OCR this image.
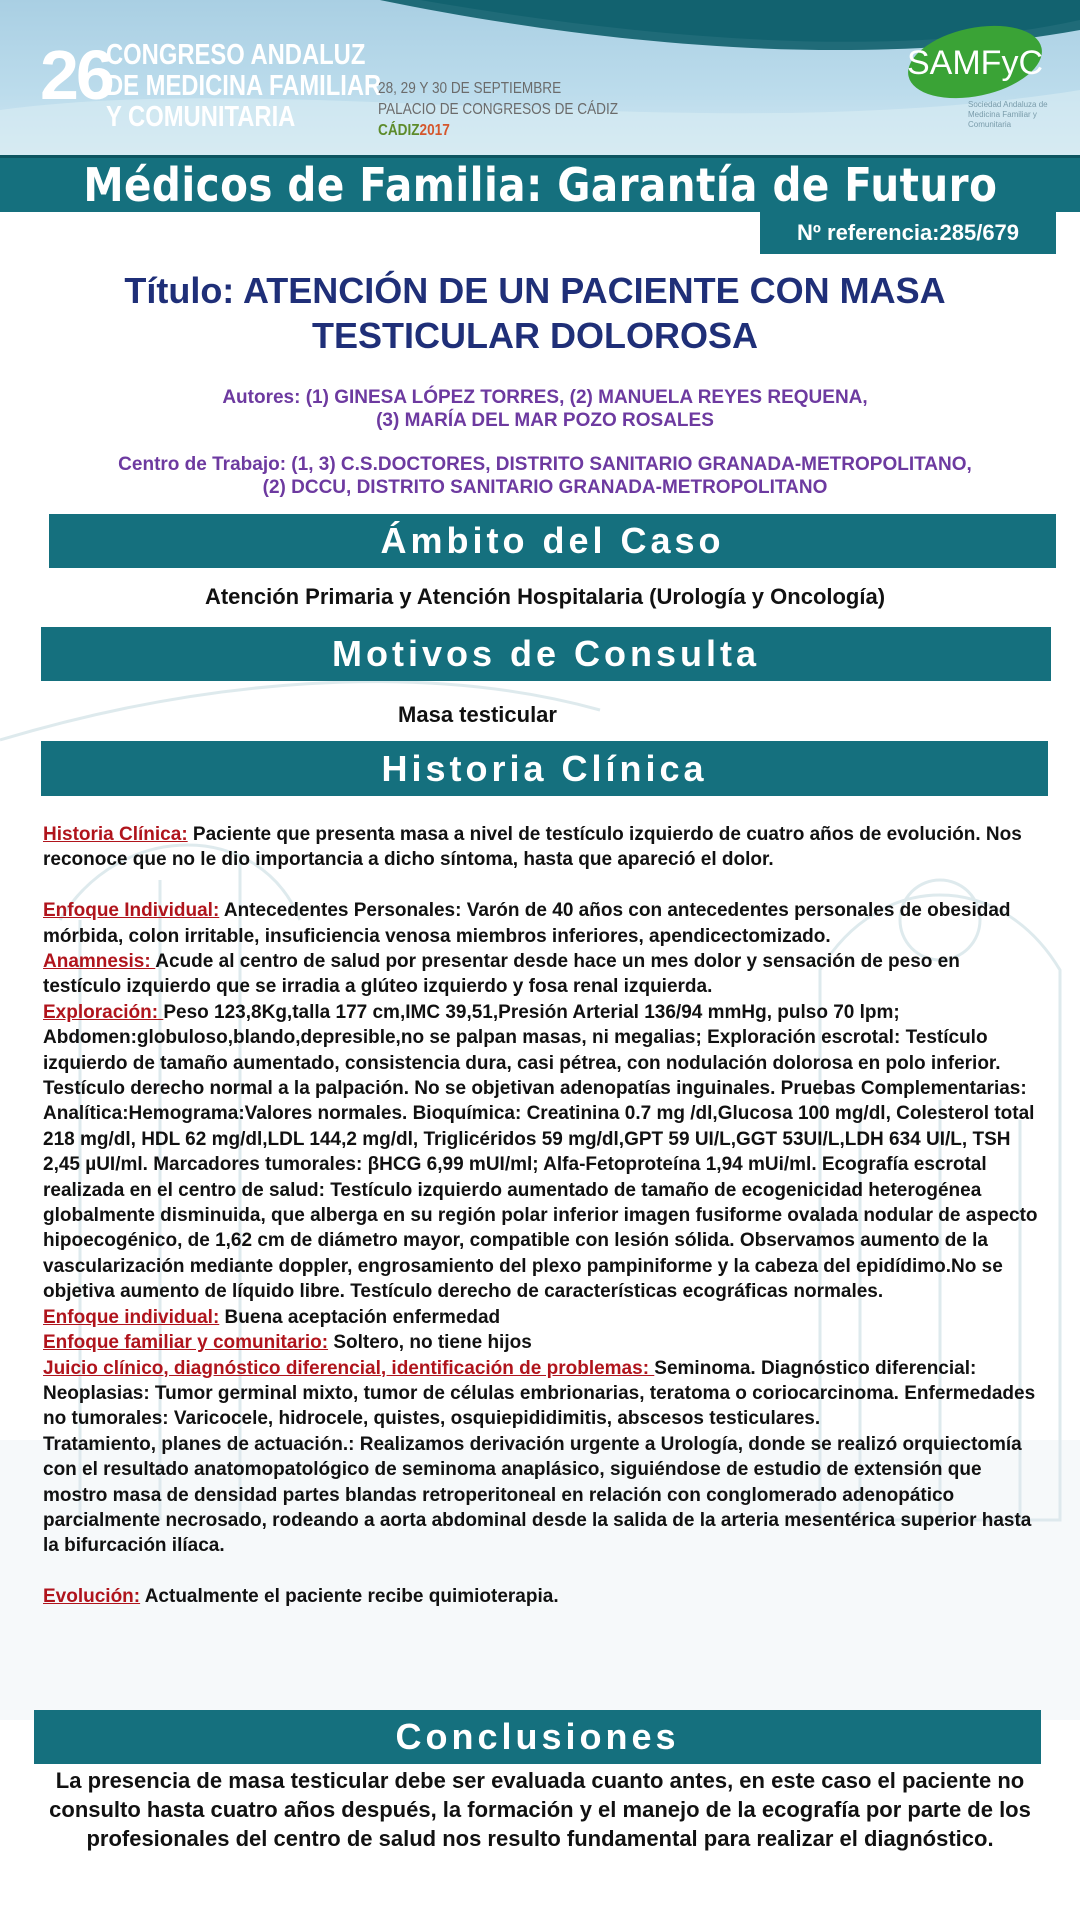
26
CONGRESO ANDALUZ
DE MEDICINA FAMILIAR
Y COMUNITARIA
28, 29 Y 30 DE SEPTIEMBRE
PALACIO DE CONGRESOS DE CÁDIZ
CÁDIZ2017
SAMFyC
Sociedad Andaluza de Medicina Familiar y Comunitaria
Médicos de Familia: Garantía de Futuro
Nº referencia:285/679
Título: ATENCIÓN DE UN PACIENTE CON MASA
TESTICULAR DOLOROSA
Autores: (1) GINESA LÓPEZ TORRES, (2) MANUELA REYES REQUENA,
(3) MARÍA DEL MAR POZO ROSALES
Centro de Trabajo: (1, 3) C.S.DOCTORES, DISTRITO SANITARIO GRANADA-METROPOLITANO,
(2) DCCU, DISTRITO SANITARIO GRANADA-METROPOLITANO
Ámbito del Caso
Atención Primaria y Atención Hospitalaria (Urología y Oncología)
Motivos de Consulta
Masa testicular
Historia Clínica

Historia Clínica: Paciente que presenta masa a nivel de testículo izquierdo de cuatro años de evolución. Nos reconoce que no le dio importancia a dicho síntoma, hasta que apareció el dolor.

Enfoque Individual: Antecedentes Personales: Varón de 40 años con antecedentes personales de obesidad mórbida, colon irritable, insuficiencia venosa miembros inferiores, apendicectomizado.

Anamnesis: Acude al centro de salud por presentar desde hace un mes dolor y sensación de peso en testículo izquierdo que se irradia a glúteo izquierdo y fosa renal izquierda.

Exploración: Peso 123,8Kg,talla 177 cm,IMC 39,51,Presión Arterial 136/94 mmHg, pulso 70 lpm; Abdomen:globuloso,blando,depresible,no se palpan masas, ni megalias; Exploración escrotal: Testículo izquierdo de tamaño aumentado, consistencia dura, casi pétrea, con nodulación dolorosa en polo inferior. Testículo derecho normal a la palpación. No se objetivan adenopatías inguinales. Pruebas Complementarias: Analítica:Hemograma:Valores normales. Bioquímica: Creatinina 0.7 mg /dl,Glucosa 100 mg/dl, Colesterol total 218 mg/dl, HDL 62 mg/dl,LDL 144,2 mg/dl, Triglicéridos 59 mg/dl,GPT 59 UI/L,GGT 53UI/L,LDH 634 UI/L, TSH 2,45 µUI/ml. Marcadores tumorales: βHCG 6,99 mUI/ml; Alfa-Fetoproteína 1,94 mUi/ml. Ecografía escrotal realizada en el centro de salud: Testículo izquierdo aumentado de tamaño de ecogenicidad heterogénea globalmente disminuida, que alberga en su región polar inferior imagen fusiforme ovalada nodular de aspecto hipoecogénico, de 1,62 cm de diámetro mayor, compatible con lesión sólida. Observamos aumento de la vascularización mediante doppler, engrosamiento del plexo pampiniforme y la cabeza del epidídimo.No se objetiva aumento de líquido libre. Testículo derecho de características ecográficas normales.

Enfoque individual: Buena aceptación enfermedad

Enfoque familiar y comunitario: Soltero, no tiene hijos

Juicio clínico, diagnóstico diferencial, identificación de problemas: Seminoma. Diagnóstico diferencial: Neoplasias: Tumor germinal mixto, tumor de células embrionarias, teratoma o coriocarcinoma. Enfermedades no tumorales: Varicocele, hidrocele, quistes, osquiepididimitis, abscesos testiculares.

Tratamiento, planes de actuación.: Realizamos derivación urgente a Urología, donde se realizó orquiectomía con el resultado anatomopatológico de seminoma anaplásico, siguiéndose de estudio de extensión que mostro masa de densidad partes blandas retroperitoneal en relación con conglomerado adenopático parcialmente necrosado, rodeando a aorta abdominal desde la salida de la arteria mesentérica superior hasta la bifurcación ilíaca.

Evolución: Actualmente el paciente recibe quimioterapia.

Conclusiones
La presencia de masa testicular debe ser evaluada cuanto antes, en este caso el paciente no consulto hasta cuatro años después, la formación y el manejo de la ecografía por parte de los profesionales del centro de salud nos resulto fundamental para realizar el diagnóstico.
